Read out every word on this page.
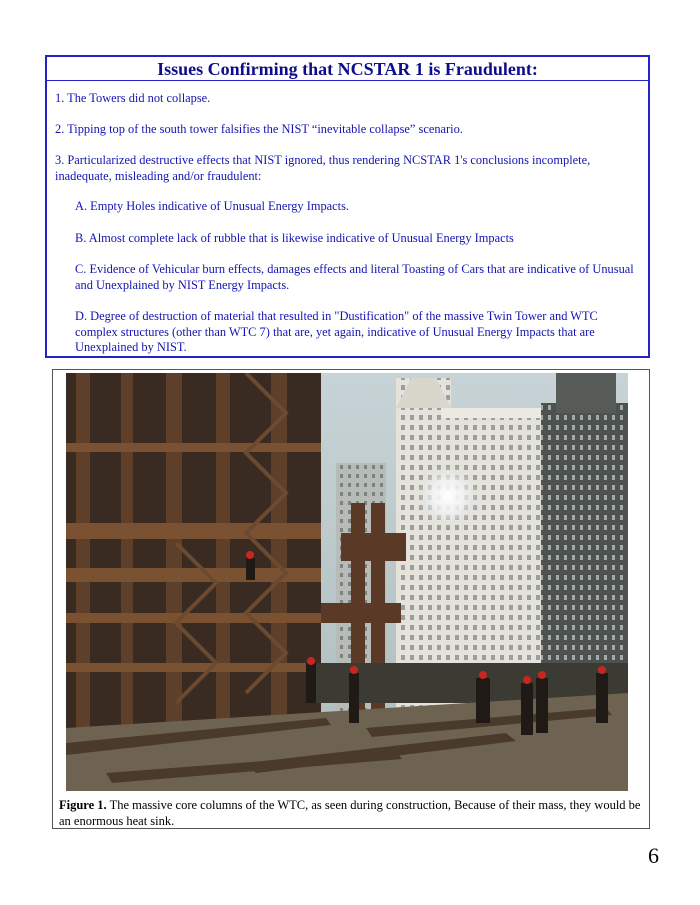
Issues Confirming that NCSTAR 1 is Fraudulent:

1. The Towers did not collapse.

2. Tipping top of the south tower falsifies the NIST “inevitable collapse” scenario.

3. Particularized destructive effects that NIST ignored, thus rendering NCSTAR 1's conclusions incomplete, inadequate, misleading and/or fraudulent:

A. Empty Holes indicative of Unusual Energy Impacts.

B. Almost complete lack of rubble that is likewise indicative of Unusual Energy Impacts

C. Evidence of Vehicular burn effects, damages effects and literal Toasting of Cars that are indicative of Unusual and Unexplained by NIST Energy Impacts.

D. Degree of destruction of material that resulted in "Dustification" of the massive Twin Tower and WTC complex structures (other than WTC 7) that are, yet again, indicative of Unusual Energy Impacts that are Unexplained by NIST.

Figure 1. The massive core columns of the WTC, as seen during construction, Because of their mass, they would be an enormous heat sink.
6
